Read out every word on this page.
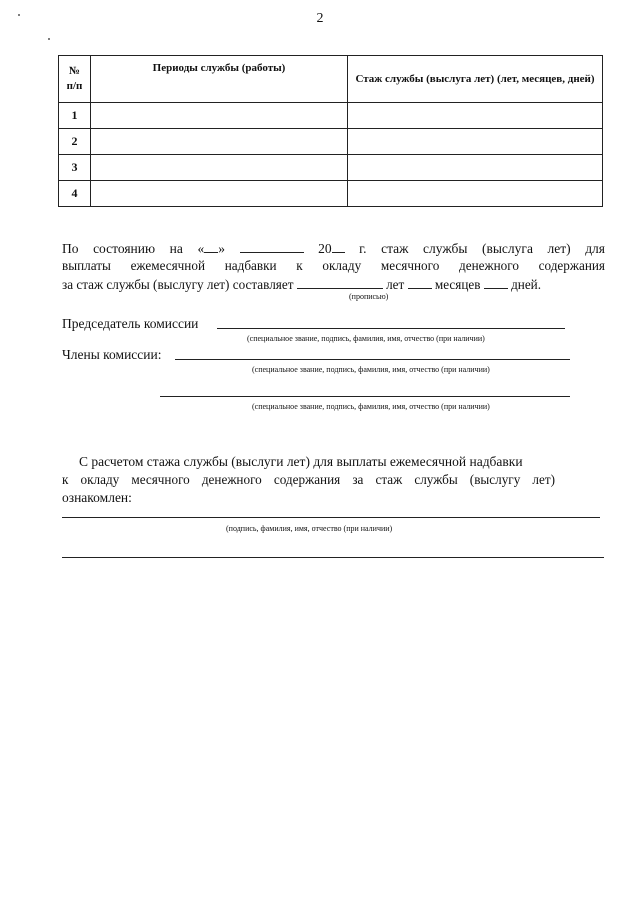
2
№ п/п	Периоды службы (работы)	Стаж службы (выслуга лет) (лет, месяцев, дней)
1		
2		
3		
4		
По состоянию на « »	20 г. стаж службы (выслуга лет) для
выплаты ежемесячной надбавки к окладу месячного денежного содержания
за стаж службы (выслугу лет) составляет	лет месяцев дней.
(прописью)
Председатель комиссии
(специальное звание, подпись, фамилия, имя, отчество (при наличии)
Члены комиссии:
(специальное звание, подпись, фамилия, имя, отчество (при наличии)
(специальное звание, подпись, фамилия, имя, отчество (при наличии)
С расчетом стажа службы (выслуги лет) для выплаты ежемесячной надбавки
к окладу месячного денежного содержания за стаж службы (выслугу лет)
ознакомлен:
(подпись, фамилия, имя, отчество (при наличии)
